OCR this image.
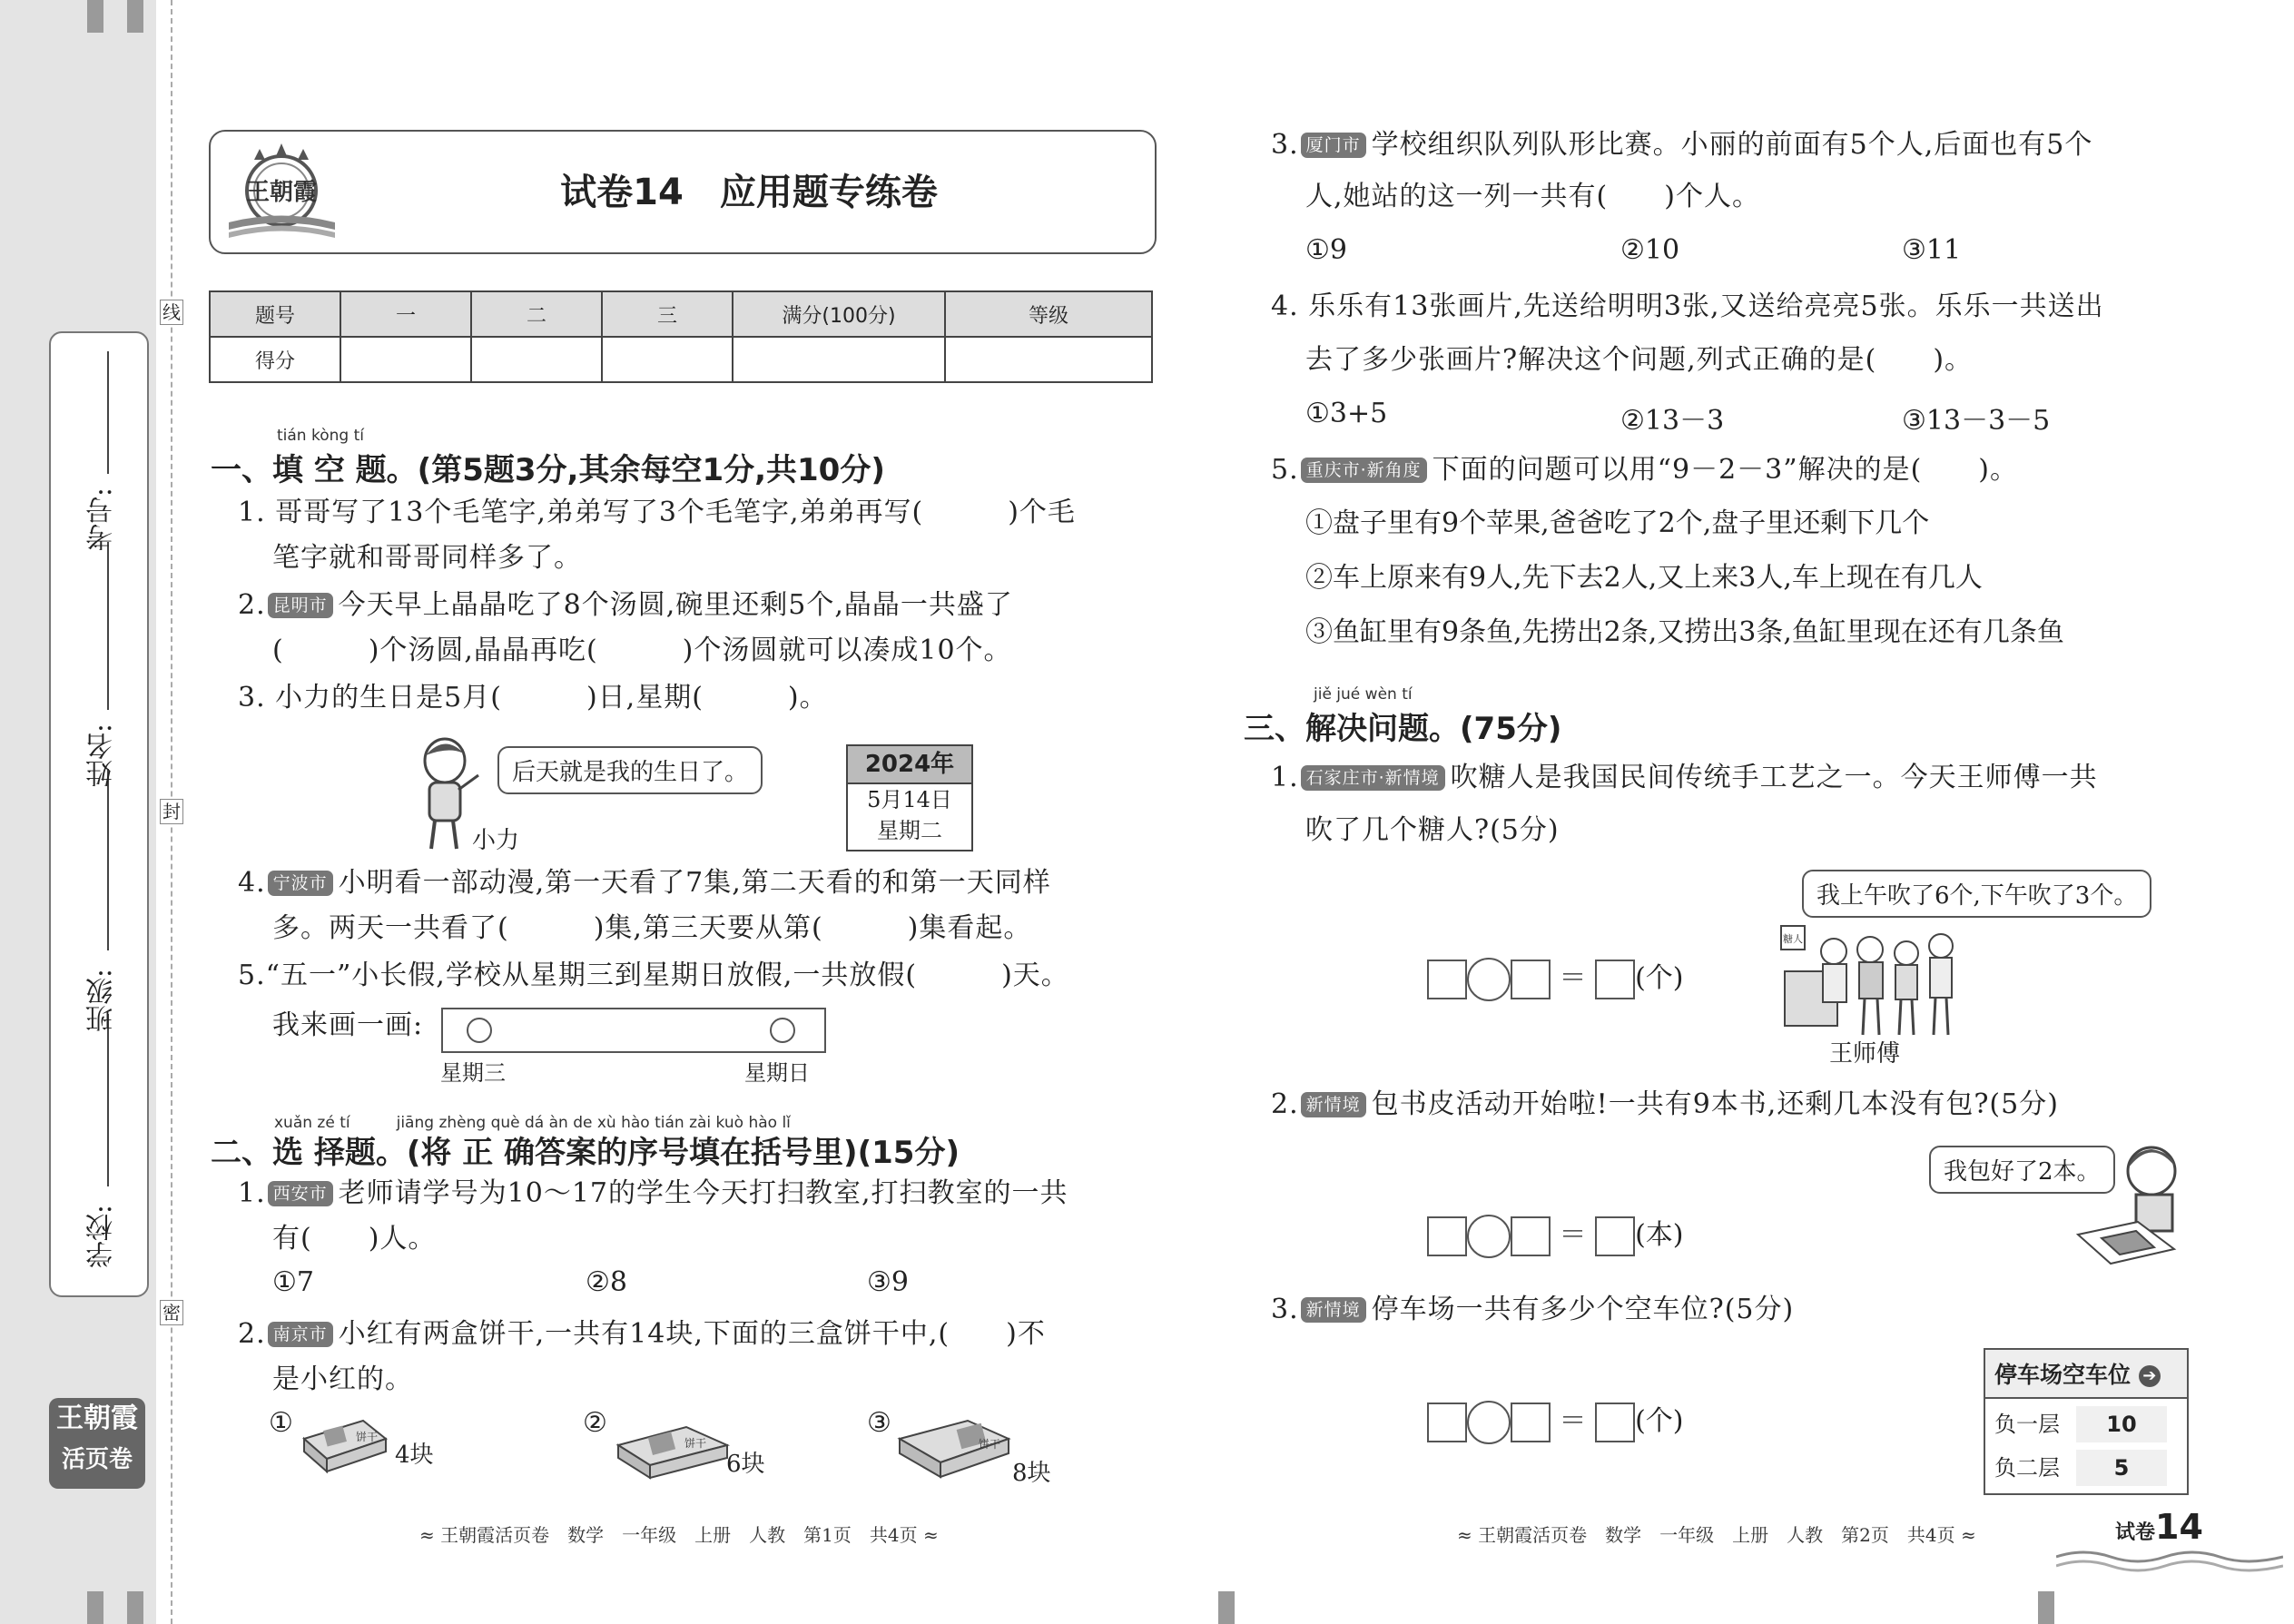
线
封
密
学校:
班级:
姓名:
考号:
王朝霞
活页卷
王朝霞	试卷14　应用题专练卷
题号	一	二	三	满分(100分)	等级
得分					
tián kòng tí
一、填 空 题。(第5题3分,其余每空1分,共10分)
1. 哥哥写了13个毛笔字,弟弟写了3个毛笔字,弟弟再写(　　　)个毛
笔字就和哥哥同样多了。
2. 昆明市 今天早上晶晶吃了8个汤圆,碗里还剩5个,晶晶一共盛了
(　　　)个汤圆,晶晶再吃(　　　)个汤圆就可以凑成10个。
3. 小力的生日是5月(　　　)日,星期(　　　)。
后天就是我的生日了。
小力
2024年
5月14日
星期二
4. 宁波市 小明看一部动漫,第一天看了7集,第二天看的和第一天同样
多。两天一共看了(　　　)集,第三天要从第(　　　)集看起。
5.“五一”小长假,学校从星期三到星期日放假,一共放假(　　　)天。
我来画一画:
星期三	星期日
xuǎn zé tí　　　jiāng zhèng què dá àn de xù hào tián zài kuò hào lǐ
二、选 择题。(将 正 确答案的序号填在括号里)(15分)
1. 西安市 老师请学号为10～17的学生今天打扫教室,打扫教室的一共
有(　　)人。
①7	②8	③9
2. 南京市 小红有两盒饼干,一共有14块,下面的三盒饼干中,(　　)不
是小红的。
①	饼干
4块
②
饼干
6块
③
饼干
8块
3. 厦门市 学校组织队列队形比赛。小丽的前面有5个人,后面也有5个
人,她站的这一列一共有(　　)个人。
①9	②10	③11
4. 乐乐有13张画片,先送给明明3张,又送给亮亮5张。乐乐一共送出
去了多少张画片?解决这个问题,列式正确的是(　　)。
①3+5	②13－3	③13－3－5
5. 重庆市·新角度 下面的问题可以用“9－2－3”解决的是(　　)。
①盘子里有9个苹果,爸爸吃了2个,盘子里还剩下几个
②车上原来有9人,先下去2人,又上来3人,车上现在有几人
③鱼缸里有9条鱼,先捞出2条,又捞出3条,鱼缸里现在还有几条鱼
jiě jué wèn tí
三、解决问题。(75分)
1. 石家庄市·新情境 吹糖人是我国民间传统手工艺之一。今天王师傅一共
吹了几个糖人?(5分)
我上午吹了6个,下午吹了3个。
糖人
王师傅
＝ (个)
2. 新情境 包书皮活动开始啦!一共有9本书,还剩几本没有包?(5分)
我包好了2本。
＝ (本)
3. 新情境 停车场一共有多少个空车位?(5分)
停车场空车位 ➔
负一层 10
负二层 5
＝ (个)
≈ 王朝霞活页卷　数学　一年级　上册　人教　第1页　共4页 ≈	≈ 王朝霞活页卷　数学　一年级　上册　人教　第2页　共4页 ≈	试卷14
